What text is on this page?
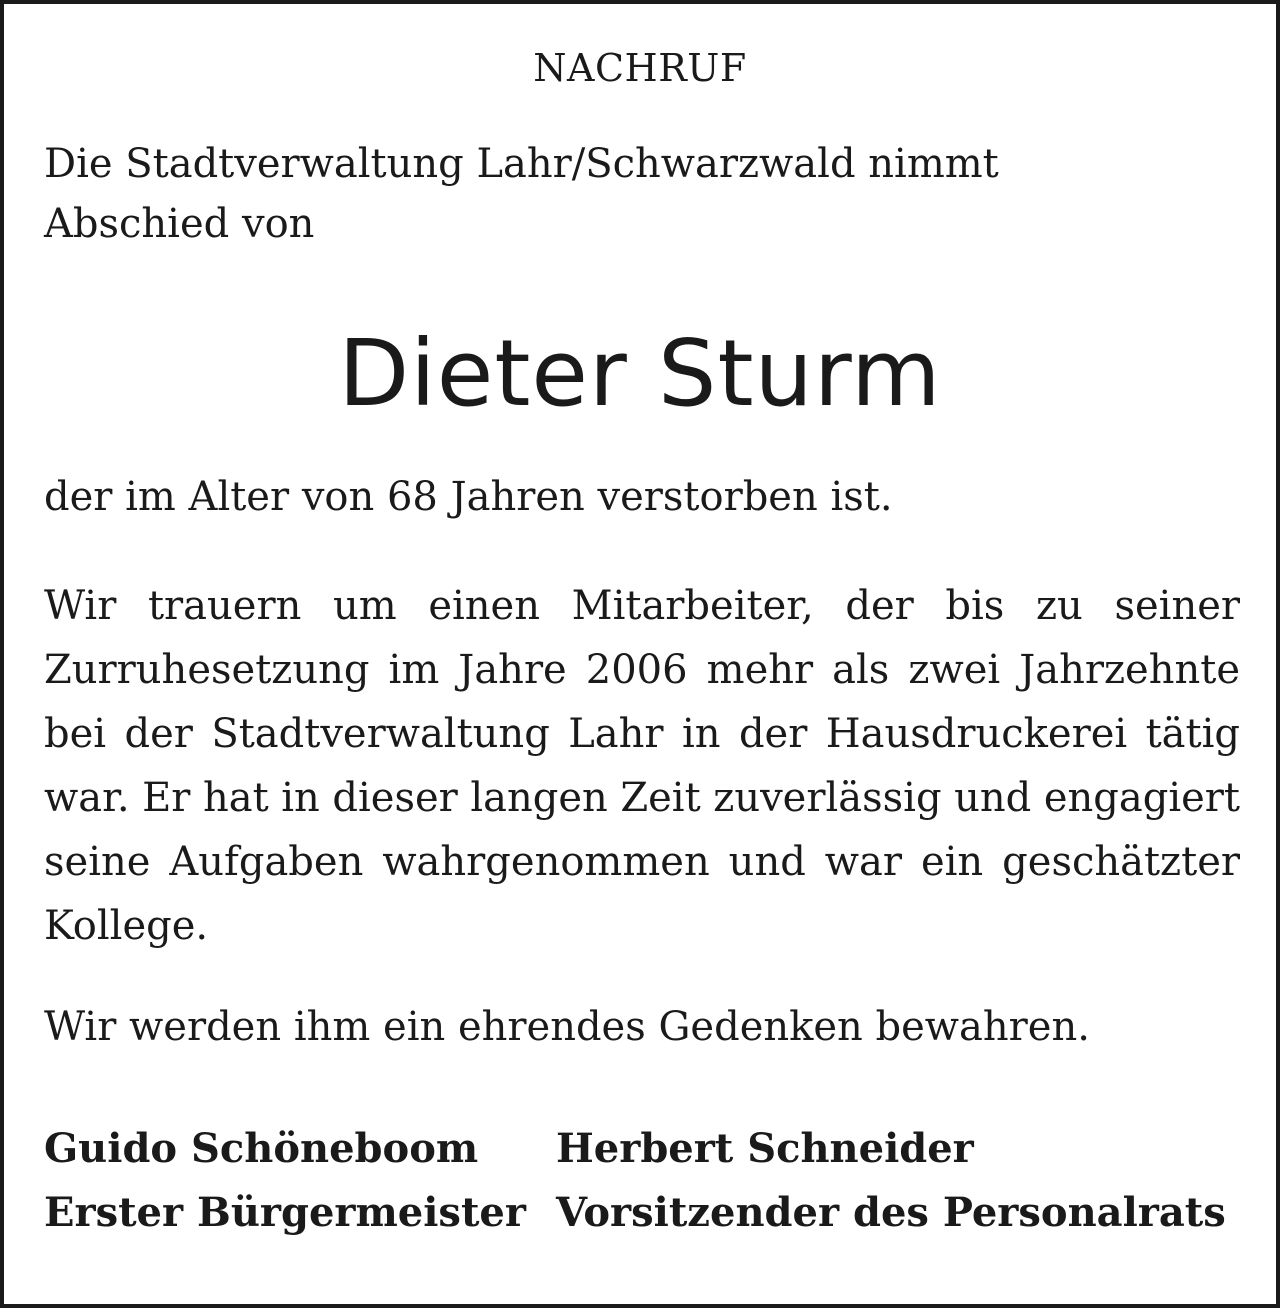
NACHRUF
Die Stadtverwaltung Lahr/Schwarzwald nimmt Abschied von
Dieter Sturm
der im Alter von 68 Jahren verstorben ist.
Wir trauern um einen Mitarbeiter, der bis zu seiner Zurruhesetzung im Jahre 2006 mehr als zwei Jahrzehnte bei der Stadtverwaltung Lahr in der Hausdruckerei tätig war. Er hat in dieser langen Zeit zuverlässig und engagiert seine Aufgaben wahrgenommen und war ein geschätzter Kollege.
Wir werden ihm ein ehrendes Gedenken bewahren.
Guido Schöneboom
Erster Bürgermeister
Herbert Schneider
Vorsitzender des Personalrats
